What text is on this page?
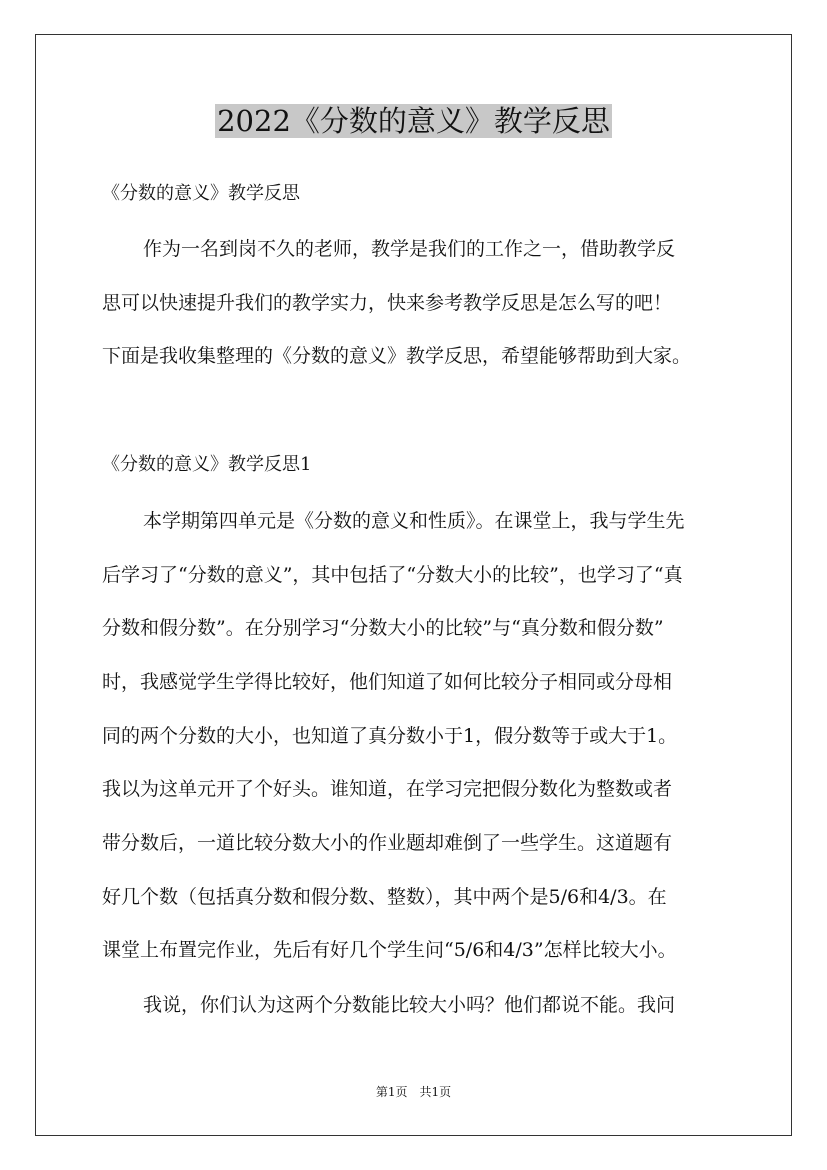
2022《分数的意义》教学反思

《分数的意义》教学反思

作为一名到岗不久的老师，教学是我们的工作之一，借助教学反

思可以快速提升我们的教学实力，快来参考教学反思是怎么写的吧！

下面是我收集整理的《分数的意义》教学反思，希望能够帮助到大家。

《分数的意义》教学反思1

本学期第四单元是《分数的意义和性质》。在课堂上，我与学生先

后学习了“分数的意义”，其中包括了“分数大小的比较”，也学习了“真

分数和假分数”。在分别学习“分数大小的比较”与“真分数和假分数”

时，我感觉学生学得比较好，他们知道了如何比较分子相同或分母相

同的两个分数的大小，也知道了真分数小于1，假分数等于或大于1。

我以为这单元开了个好头。谁知道，在学习完把假分数化为整数或者

带分数后，一道比较分数大小的作业题却难倒了一些学生。这道题有

好几个数（包括真分数和假分数、整数），其中两个是5/6和4/3。在

课堂上布置完作业，先后有好几个学生问“5/6和4/3”怎样比较大小。

我说，你们认为这两个分数能比较大小吗？他们都说不能。我问

第1页　共1页
